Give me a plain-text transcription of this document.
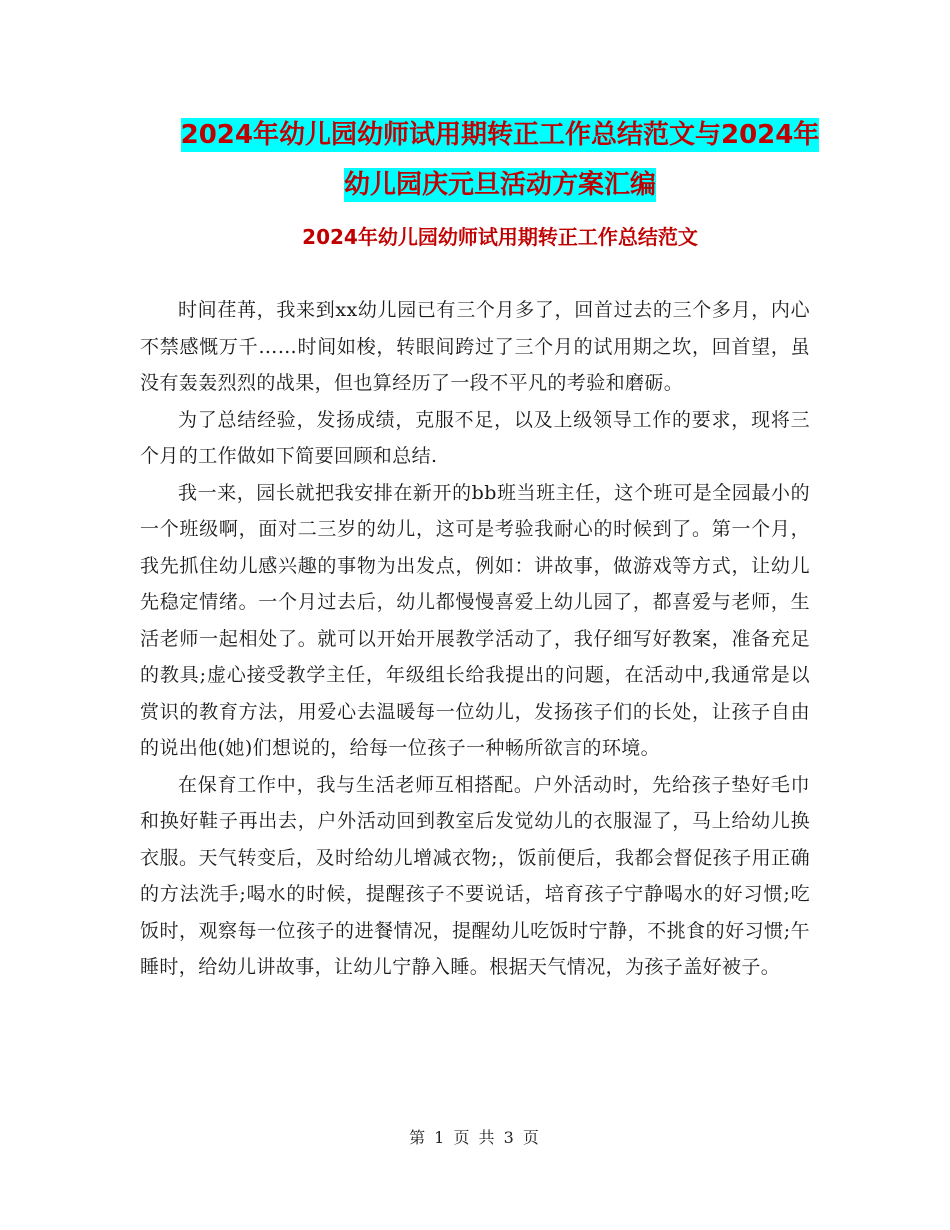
2024年幼儿园幼师试用期转正工作总结范文与2024年
幼儿园庆元旦活动方案汇编
2024年幼儿园幼师试用期转正工作总结范文

时间荏苒，我来到xx幼儿园已有三个月多了，回首过去的三个多月，内心不禁感慨万千……时间如梭，转眼间跨过了三个月的试用期之坎，回首望，虽没有轰轰烈烈的战果，但也算经历了一段不平凡的考验和磨砺。

为了总结经验，发扬成绩，克服不足，以及上级领导工作的要求，现将三个月的工作做如下简要回顾和总结.

我一来，园长就把我安排在新开的bb班当班主任，这个班可是全园最小的一个班级啊，面对二三岁的幼儿，这可是考验我耐心的时候到了。第一个月，我先抓住幼儿感兴趣的事物为出发点，例如：讲故事，做游戏等方式，让幼儿先稳定情绪。一个月过去后，幼儿都慢慢喜爱上幼儿园了，都喜爱与老师，生活老师一起相处了。就可以开始开展教学活动了，我仔细写好教案，准备充足的教具;虚心接受教学主任，年级组长给我提出的问题，在活动中,我通常是以赏识的教育方法，用爱心去温暖每一位幼儿，发扬孩子们的长处，让孩子自由的说出他(她)们想说的，给每一位孩子一种畅所欲言的环境。

在保育工作中，我与生活老师互相搭配。户外活动时，先给孩子垫好毛巾和换好鞋子再出去，户外活动回到教室后发觉幼儿的衣服湿了，马上给幼儿换衣服。天气转变后，及时给幼儿增减衣物;，饭前便后，我都会督促孩子用正确的方法洗手;喝水的时候，提醒孩子不要说话，培育孩子宁静喝水的好习惯;吃饭时，观察每一位孩子的进餐情况，提醒幼儿吃饭时宁静，不挑食的好习惯;午睡时，给幼儿讲故事，让幼儿宁静入睡。根据天气情况，为孩子盖好被子。

第 1 页 共 3 页
